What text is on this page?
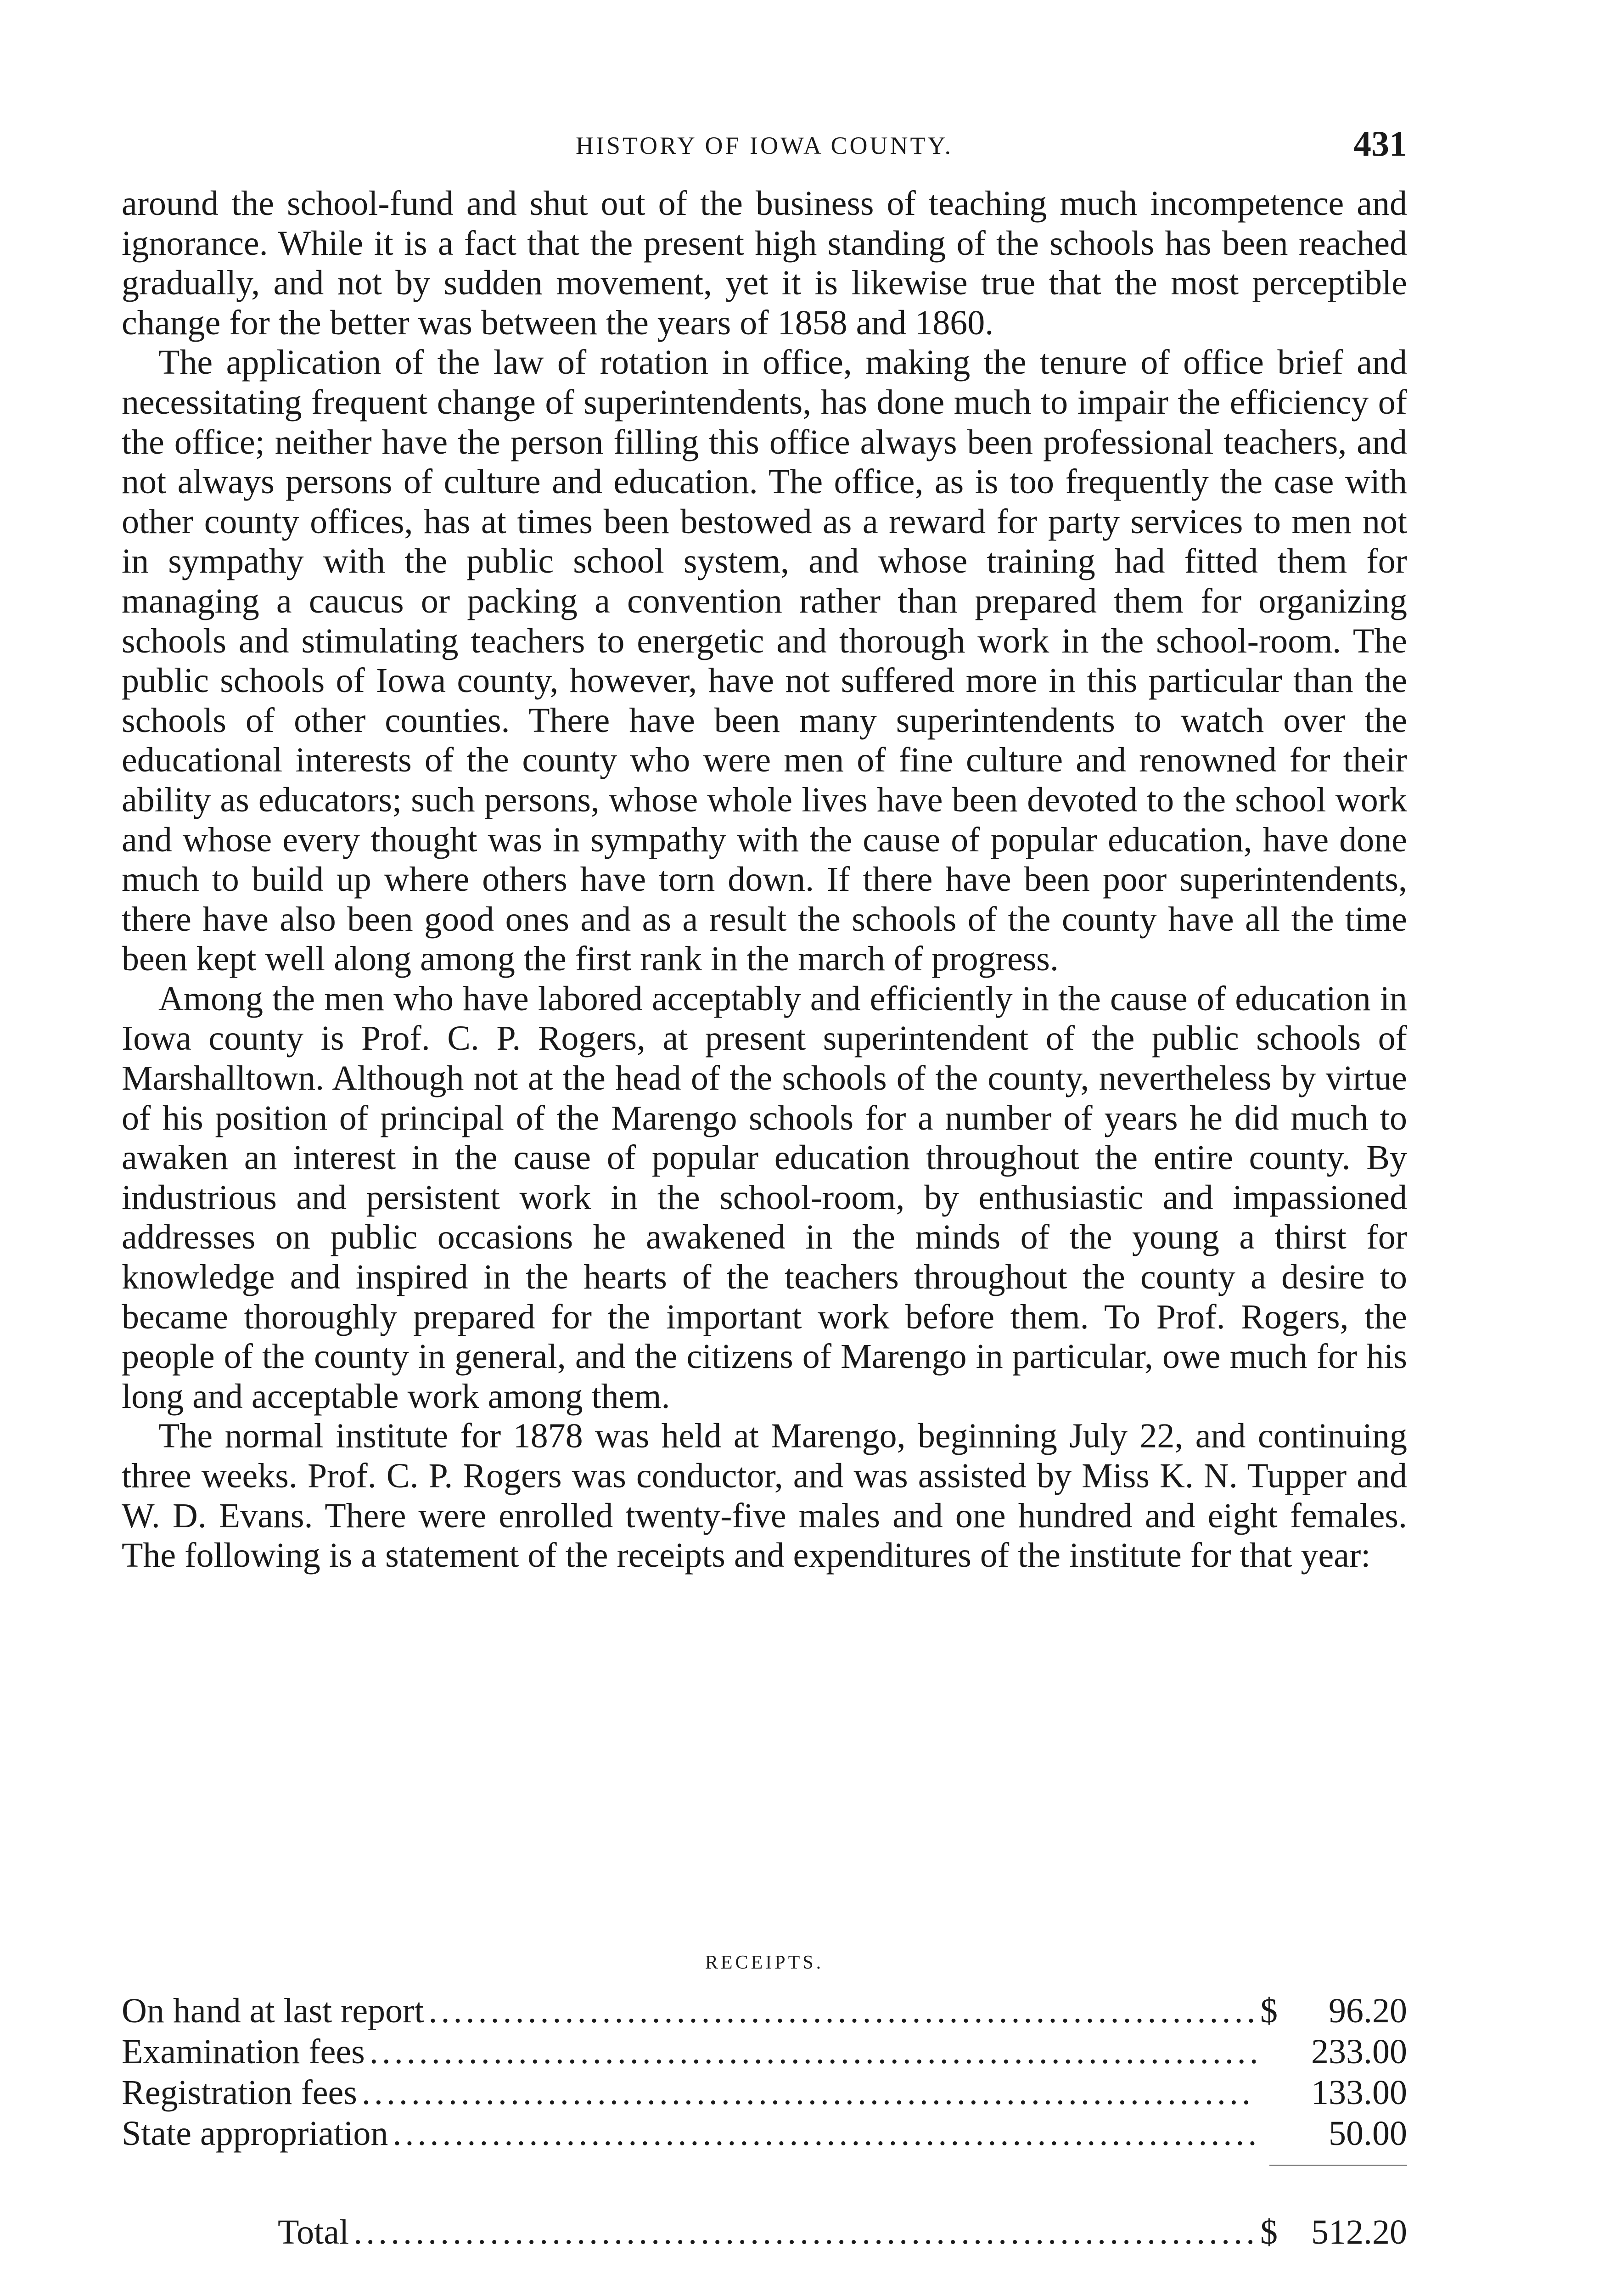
HISTORY OF IOWA COUNTY.	431

around the school-fund and shut out of the business of teaching much incompetence and ignorance. While it is a fact that the present high standing of the schools has been reached gradually, and not by sudden movement, yet it is likewise true that the most perceptible change for the better was between the years of 1858 and 1860.

The application of the law of rotation in office, making the tenure of office brief and necessitating frequent change of superintendents, has done much to impair the efficiency of the office; neither have the person filling this office always been professional teachers, and not always persons of culture and education. The office, as is too frequently the case with other county offices, has at times been bestowed as a reward for party services to men not in sympathy with the public school system, and whose training had fitted them for managing a caucus or packing a convention rather than prepared them for organizing schools and stimulating teachers to energetic and thorough work in the school-room. The public schools of Iowa county, however, have not suffered more in this particular than the schools of other counties. There have been many superintendents to watch over the educational interests of the county who were men of fine culture and renowned for their ability as educators; such persons, whose whole lives have been devoted to the school work and whose every thought was in sympathy with the cause of popular education, have done much to build up where others have torn down. If there have been poor superintendents, there have also been good ones and as a result the schools of the county have all the time been kept well along among the first rank in the march of progress.

Among the men who have labored acceptably and efficiently in the cause of education in Iowa county is Prof. C. P. Rogers, at present superintendent of the public schools of Marshalltown. Although not at the head of the schools of the county, nevertheless by virtue of his position of principal of the Marengo schools for a number of years he did much to awaken an interest in the cause of popular education throughout the entire county. By industrious and persistent work in the school-room, by enthusiastic and impassioned addresses on public occasions he awakened in the minds of the young a thirst for knowledge and inspired in the hearts of the teachers throughout the county a desire to became thoroughly prepared for the important work before them. To Prof. Rogers, the people of the county in general, and the citizens of Marengo in particular, owe much for his long and acceptable work among them.

The normal institute for 1878 was held at Marengo, beginning July 22, and continuing three weeks. Prof. C. P. Rogers was conductor, and was assisted by Miss K. N. Tupper and W. D. Evans. There were enrolled twenty-five males and one hundred and eight females. The following is a statement of the receipts and expenditures of the institute for that year:

RECEIPTS.
On hand at last report .....	$	96.20
Examination fees .....	233.00
Registration fees .....	133.00
State appropriation .....	50.00
Total .....	$ 512.20
